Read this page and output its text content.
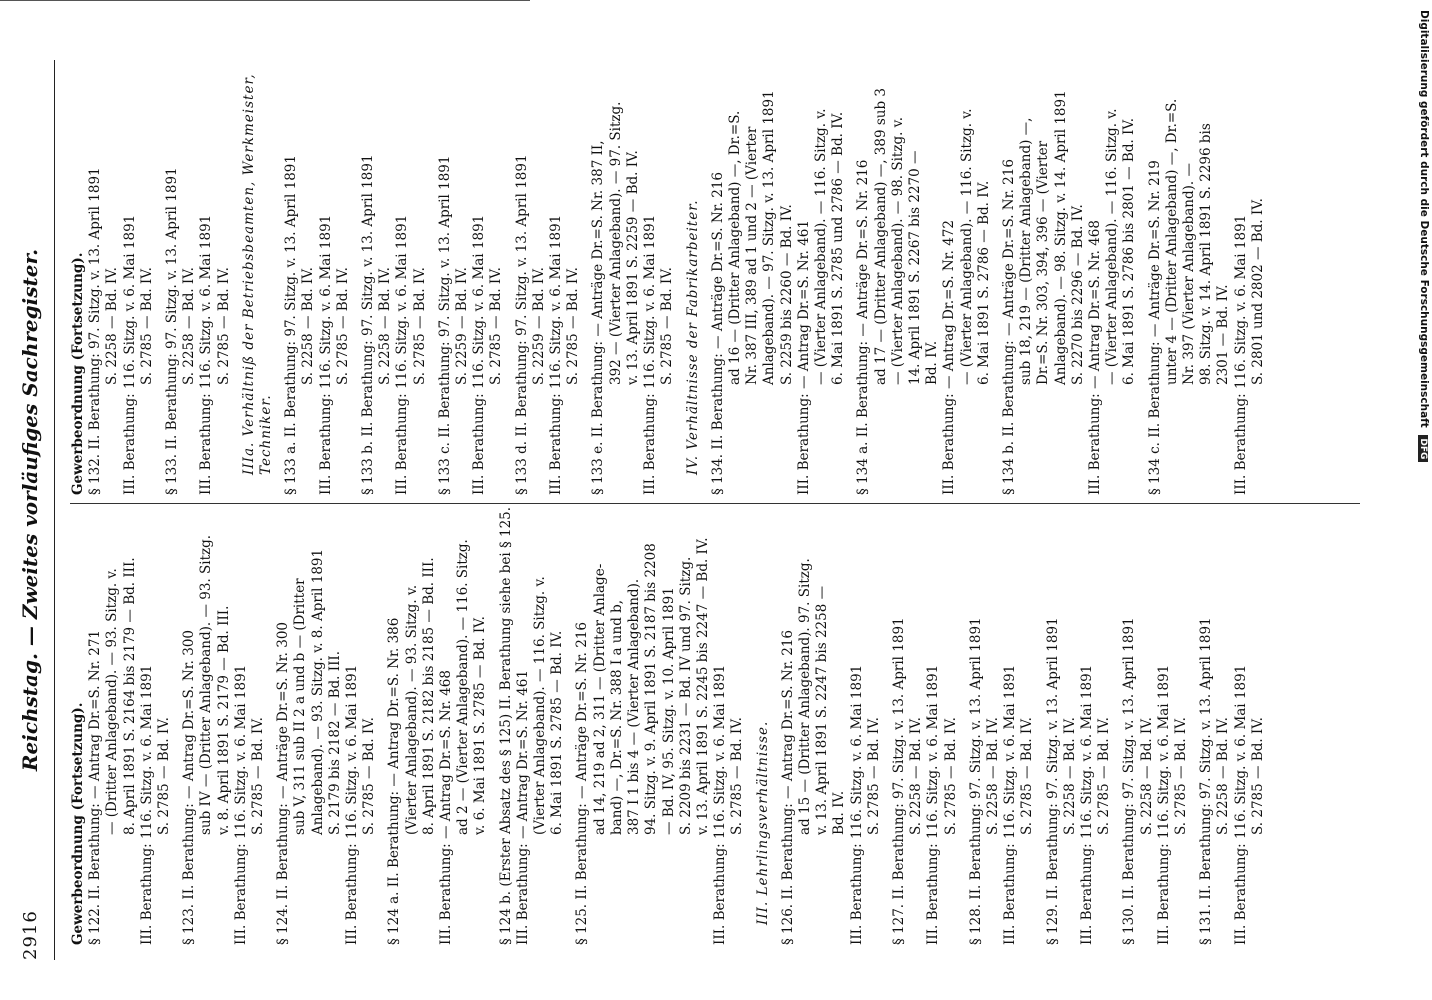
2916
Reichstag. — Zweites vorläufiges Sachregister.
Gewerbeordnung (Fortsetzung). § 122. II. Berathung: — Antrag Dr.=S. Nr. 271 — (Dritter Anlageband). — 93. Sitzg. v. 8. April 1891 S. 2164 bis 2179 — Bd. III. III. Berathung: 116. Sitzg. v. 6. Mai 1891 S. 2785 — Bd. IV. § 123. II. Berathung: — Antrag Dr.=S. Nr. 300 sub IV — (Dritter Anlageband). — 93. Sitzg. v. 8. April 1891 S. 2179 — Bd. III. III. Berathung: 116. Sitzg. v. 6. Mai 1891 S. 2785 — Bd. IV. § 124. II. Berathung: — Anträge Dr.=S. Nr. 300 sub V, 311 sub II 2 a und b — (Dritter Anlageband). — 93. Sitzg. v. 8. April 1891 S. 2179 bis 2182 — Bd. III. III. Berathung: 116. Sitzg. v. 6. Mai 1891 S. 2785 — Bd. IV. § 124 a. II. Berathung: — Antrag Dr.=S. Nr. 386 (Vierter Anlageband). — 93. Sitzg. v. 8. April 1891 S. 2182 bis 2185 — Bd. III. III. Berathung: — Antrag Dr.=S. Nr. 468 ad 2 — (Vierter Anlageband). — 116. Sitzg. v. 6. Mai 1891 S. 2785 — Bd. IV. § 124 b. (Erster Absatz des § 125) II. Berathung siehe bei § 125. III. Berathung: — Antrag Dr.=S. Nr. 461 (Vierter Anlageband). — 116. Sitzg. v. 6. Mai 1891 S. 2785 — Bd. IV. § 125. II. Berathung: — Anträge Dr.=S. Nr. 216 ad 14, 219 ad 2, 311 — (Dritter Anlage- band) —, Dr.=S. Nr. 388 I a und b, 387 I 1 bis 4 — (Vierter Anlageband). 94. Sitzg. v. 9. April 1891 S. 2187 bis 2208 — Bd. IV, 95. Sitzg. v. 10. April 1891 S. 2209 bis 2231 — Bd. IV und 97. Sitzg. v. 13. April 1891 S. 2245 bis 2247 — Bd. IV. III. Berathung: 116. Sitzg. v. 6. Mai 1891 S. 2785 — Bd. IV. III. Lehrlingsverhältnisse. § 126. II. Berathung: — Antrag Dr.=S. Nr. 216 ad 15 — (Dritter Anlageband). 97. Sitzg. v. 13. April 1891 S. 2247 bis 2258 — Bd. IV. III. Berathung: 116. Sitzg. v. 6. Mai 1891 S. 2785 — Bd. IV. § 127. II. Berathung: 97. Sitzg. v. 13. April 1891 S. 2258 — Bd. IV. III. Berathung: 116. Sitzg. v. 6. Mai 1891 S. 2785 — Bd. IV. § 128. II. Berathung: 97. Sitzg. v. 13. April 1891 S. 2258 — Bd. IV. III. Berathung: 116. Sitzg. v. 6. Mai 1891 S. 2785 — Bd. IV. § 129. II. Berathung: 97. Sitzg. v. 13. April 1891 S. 2258 — Bd. IV. III. Berathung: 116. Sitzg. v. 6. Mai 1891 S. 2785 — Bd. IV. § 130. II. Berathung: 97. Sitzg. v. 13. April 1891 S. 2258 — Bd. IV. III. Berathung: 116. Sitzg. v. 6. Mai 1891 S. 2785 — Bd. IV. § 131. II. Berathung: 97. Sitzg. v. 13. April 1891 S. 2258 — Bd. IV. III. Berathung: 116. Sitzg. v. 6. Mai 1891 S. 2785 — Bd. IV.
Gewerbeordnung (Fortsetzung). § 132. II. Berathung: 97. Sitzg. v. 13. April 1891 S. 2258 — Bd. IV. III. Berathung: 116. Sitzg. v. 6. Mai 1891 S. 2785 — Bd. IV. § 133. II. Berathung: 97. Sitzg. v. 13. April 1891 S. 2258 — Bd. IV. III. Berathung: 116. Sitzg. v. 6. Mai 1891 S. 2785 — Bd. IV. IIIa. Verhältniß der Betriebsbeamten, Werkmeister, Techniker. § 133 a. II. Berathung: 97. Sitzg. v. 13. April 1891 S. 2258 — Bd. IV. III. Berathung: 116. Sitzg. v. 6. Mai 1891 S. 2785 — Bd. IV. § 133 b. II. Berathung: 97. Sitzg. v. 13. April 1891 S. 2258 — Bd. IV. III. Berathung: 116. Sitzg. v. 6. Mai 1891 S. 2785 — Bd. IV. § 133 c. II. Berathung: 97. Sitzg. v. 13. April 1891 S. 2259 — Bd. IV. III. Berathung: 116. Sitzg. v. 6. Mai 1891 S. 2785 — Bd. IV. § 133 d. II. Berathung: 97. Sitzg. v. 13. April 1891 S. 2259 — Bd. IV. III. Berathung: 116. Sitzg. v. 6. Mai 1891 S. 2785 — Bd. IV. § 133 e. II. Berathung: — Anträge Dr.=S. Nr. 387 II, 392 — (Vierter Anlageband). — 97. Sitzg. v. 13. April 1891 S. 2259 — Bd. IV. III. Berathung: 116. Sitzg. v. 6. Mai 1891 S. 2785 — Bd. IV. IV. Verhältnisse der Fabrikarbeiter. § 134. II. Berathung: — Anträge Dr.=S. Nr. 216 ad 16 — (Dritter Anlageband) —, Dr.=S. Nr. 387 III, 389 ad 1 und 2 — (Vierter Anlageband). — 97. Sitzg. v. 13. April 1891 S. 2259 bis 2260 — Bd. IV. III. Berathung: — Antrag Dr.=S. Nr. 461 — (Vierter Anlageband). — 116. Sitzg. v. 6. Mai 1891 S. 2785 und 2786 — Bd. IV. § 134 a. II. Berathung: — Anträge Dr.=S. Nr. 216 ad 17 — (Dritter Anlageband) —, 389 sub 3 — (Vierter Anlageband). — 98. Sitzg. v. 14. April 1891 S. 2267 bis 2270 — Bd. IV. III. Berathung: — Antrag Dr.=S. Nr. 472 — (Vierter Anlageband). — 116. Sitzg. v. 6. Mai 1891 S. 2786 — Bd. IV. § 134 b. II. Berathung: — Anträge Dr.=S. Nr. 216 sub 18, 219 — (Dritter Anlageband) —, Dr.=S. Nr. 303, 394, 396 — (Vierter Anlageband). — 98. Sitzg. v. 14. April 1891 S. 2270 bis 2296 — Bd. IV. III. Berathung: — Antrag Dr.=S. Nr. 468 — (Vierter Anlageband). — 116. Sitzg. v. 6. Mai 1891 S. 2786 bis 2801 — Bd. IV. § 134 c. II. Berathung: — Anträge Dr.=S. Nr. 219 unter 4 — (Dritter Anlageband) —, Dr.=S. Nr. 397 (Vierter Anlageband). — 98. Sitzg. v. 14. April 1891 S. 2296 bis 2301 — Bd. IV. III. Berathung: 116. Sitzg. v. 6. Mai 1891 S. 2801 und 2802 — Bd. IV.	Digitalisierung gefördert durch die Deutsche Forschungsgemeinschaft DFG
